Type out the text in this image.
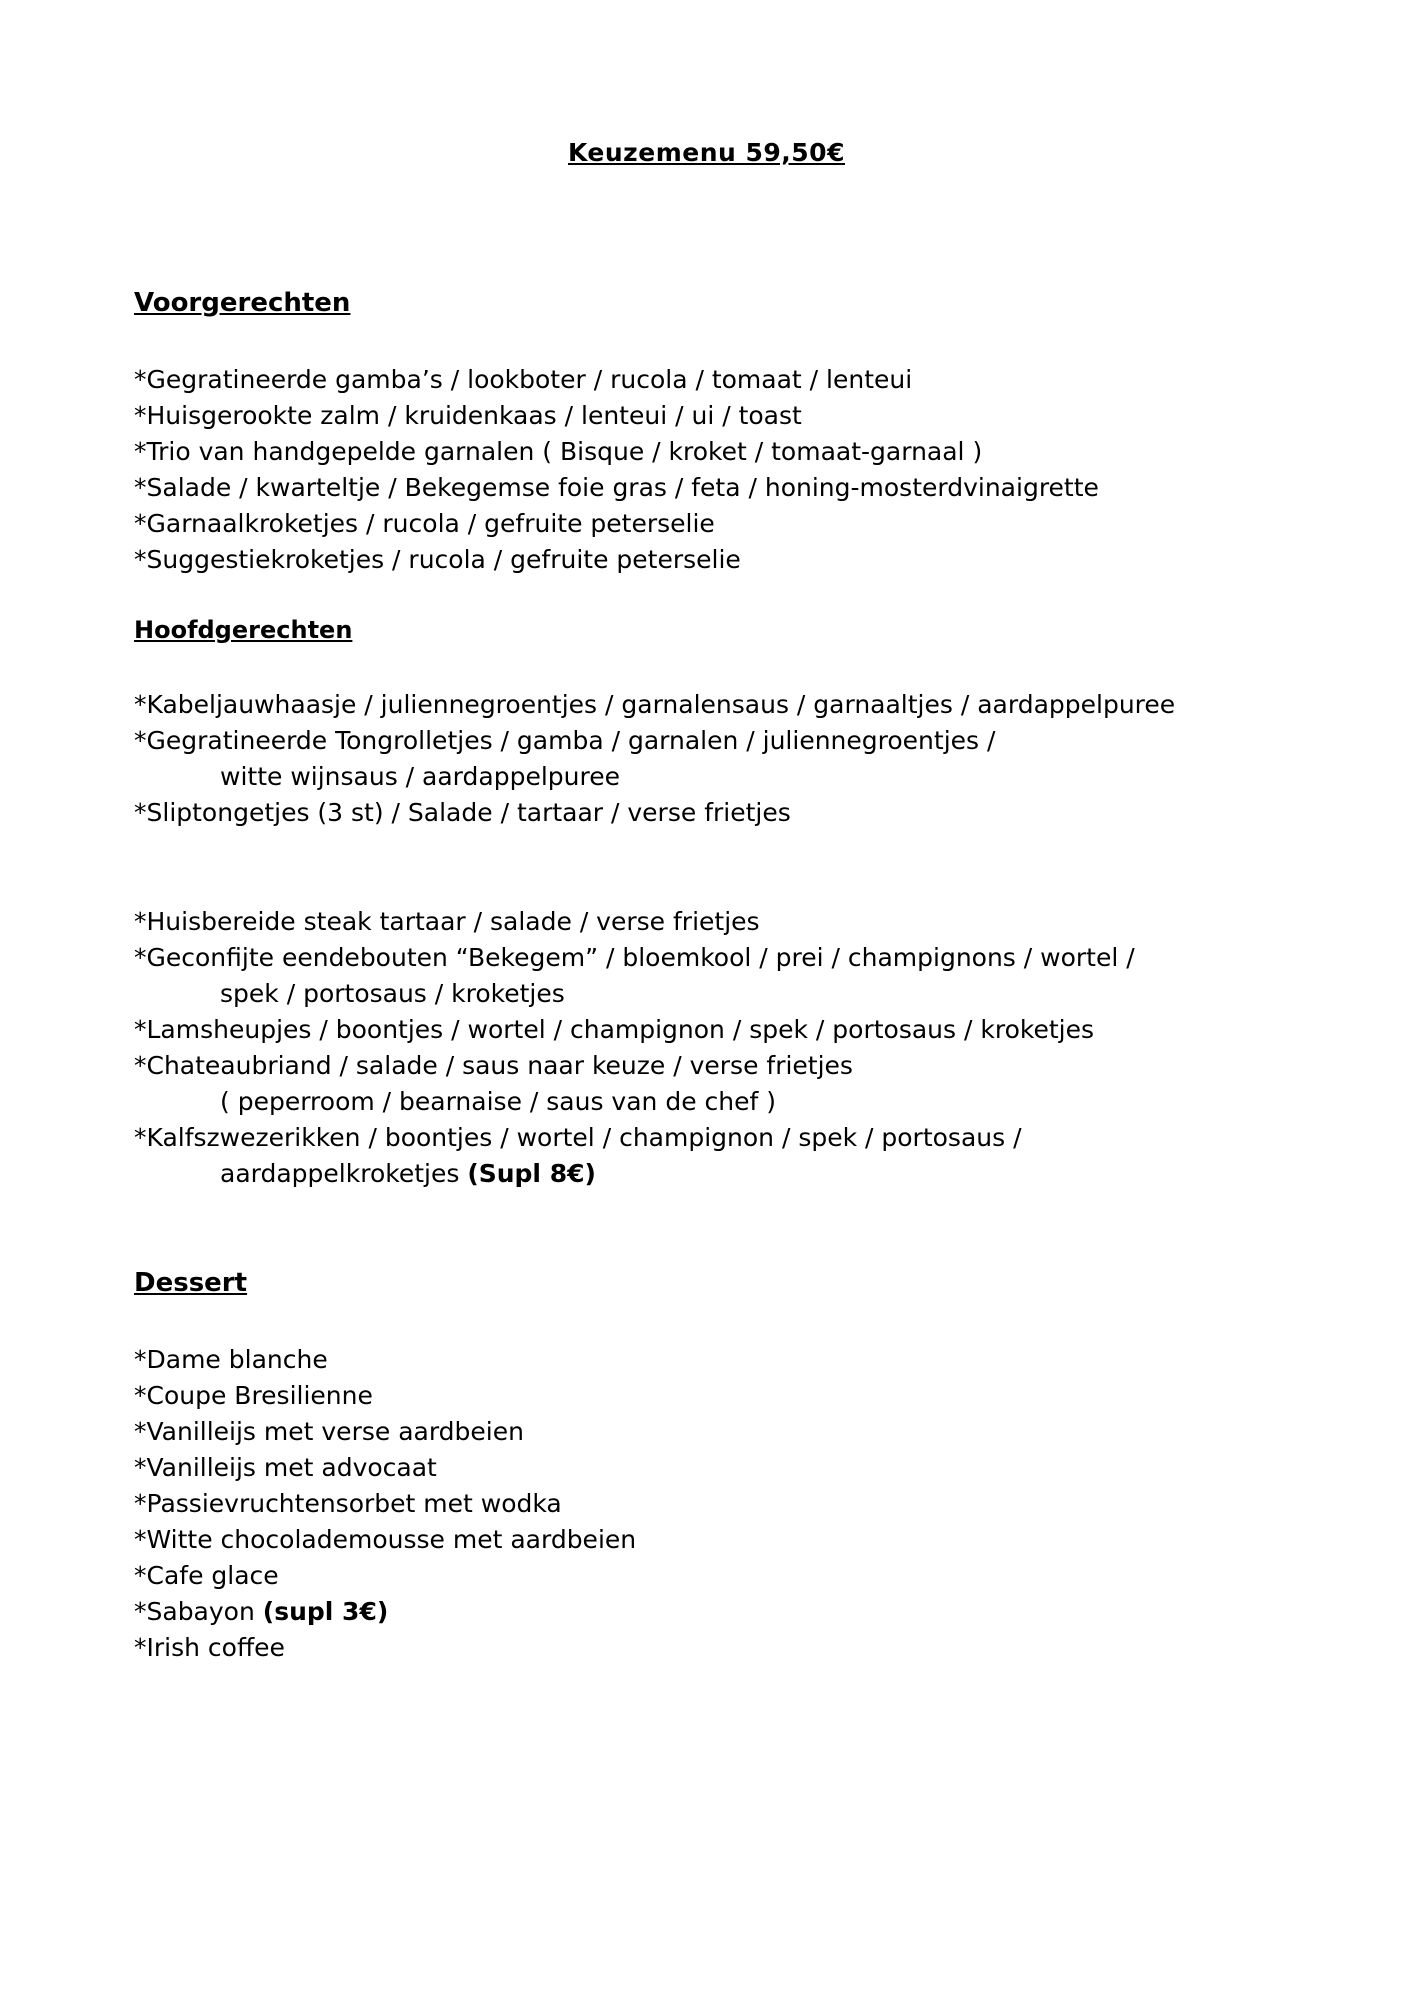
Keuzemenu 59,50€
Voorgerechten
*Gegratineerde gamba’s / lookboter / rucola / tomaat / lenteui
*Huisgerookte zalm / kruidenkaas / lenteui / ui / toast
*Trio van handgepelde garnalen ( Bisque / kroket / tomaat-garnaal )
*Salade / kwarteltje / Bekegemse foie gras / feta / honing-mosterdvinaigrette
*Garnaalkroketjes / rucola / gefruite peterselie
*Suggestiekroketjes / rucola / gefruite peterselie
Hoofdgerechten
*Kabeljauwhaasje / juliennegroentjes / garnalensaus / garnaaltjes / aardappelpuree
*Gegratineerde Tongrolletjes / gamba / garnalen / juliennegroentjes /
witte wijnsaus / aardappelpuree
*Sliptongetjes (3 st) / Salade / tartaar / verse frietjes
*Huisbereide steak tartaar / salade / verse frietjes
*Geconfijte eendebouten “Bekegem” / bloemkool / prei / champignons / wortel /
spek / portosaus / kroketjes
*Lamsheupjes / boontjes / wortel / champignon / spek / portosaus / kroketjes
*Chateaubriand / salade / saus naar keuze / verse frietjes
( peperroom / bearnaise / saus van de chef )
*Kalfszwezerikken / boontjes / wortel / champignon / spek / portosaus /
aardappelkroketjes (Supl 8€)
Dessert
*Dame blanche
*Coupe Bresilienne
*Vanilleijs met verse aardbeien
*Vanilleijs met advocaat
*Passievruchtensorbet met wodka
*Witte chocolademousse met aardbeien
*Cafe glace
*Sabayon (supl 3€)
*Irish coffee
